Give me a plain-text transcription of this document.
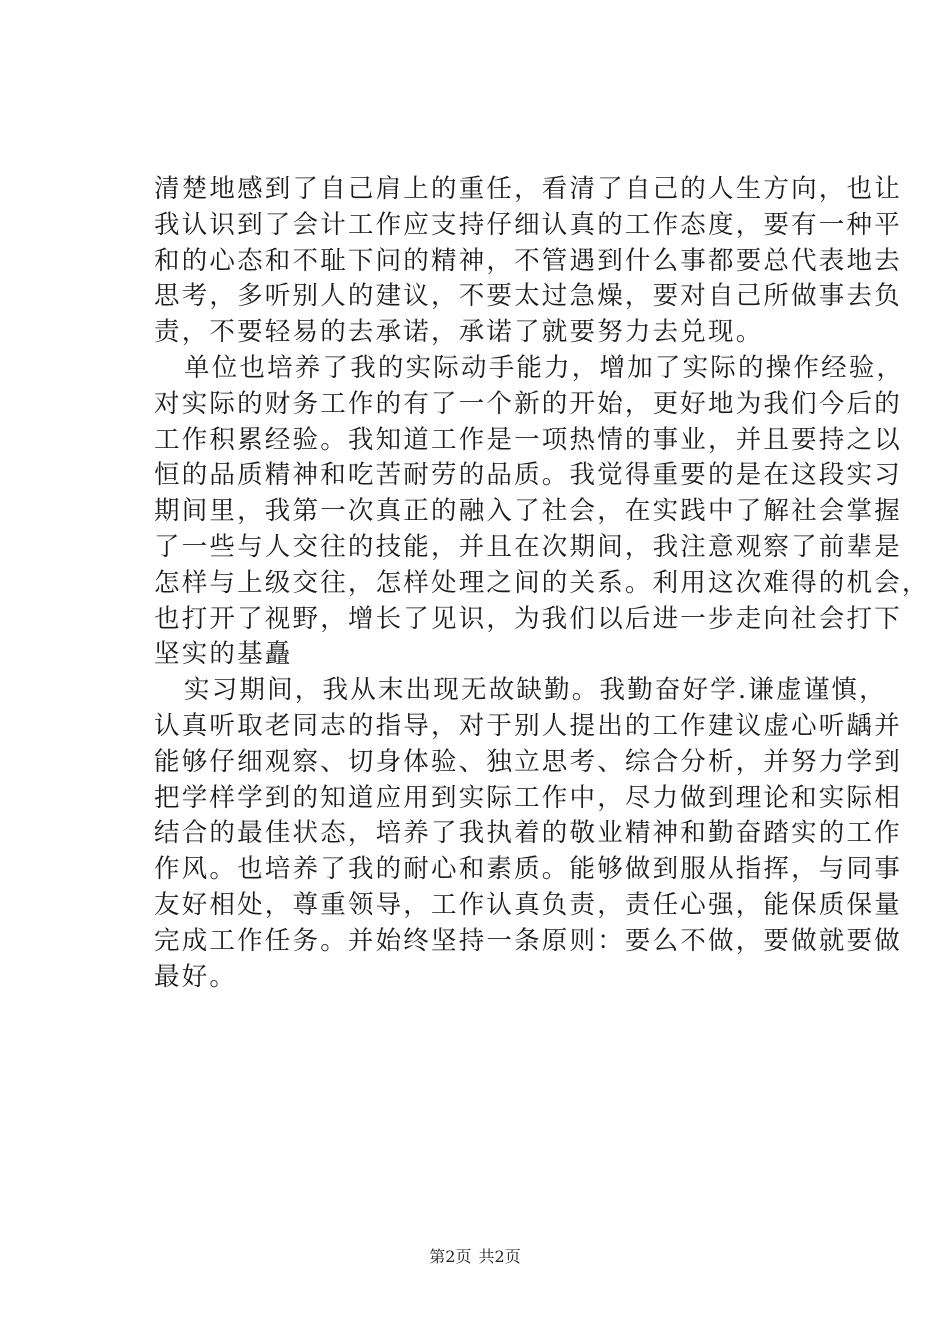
清楚地感到了自己肩上的重任，看清了自己的人生方向，也让
我认识到了会计工作应支持仔细认真的工作态度，要有一种平
和的心态和不耻下问的精神，不管遇到什么事都要总代表地去
思考，多听别人的建议，不要太过急燥，要对自己所做事去负
责，不要轻易的去承诺，承诺了就要努力去兑现。
单位也培养了我的实际动手能力，增加了实际的操作经验，
对实际的财务工作的有了一个新的开始，更好地为我们今后的
工作积累经验。我知道工作是一项热情的事业，并且要持之以
恒的品质精神和吃苦耐劳的品质。我觉得重要的是在这段实习
期间里，我第一次真正的融入了社会，在实践中了解社会掌握
了一些与人交往的技能，并且在次期间，我注意观察了前辈是
怎样与上级交往，怎样处理之间的关系。利用这次难得的机会，
也打开了视野，增长了见识，为我们以后进一步走向社会打下
坚实的基矗
实习期间，我从末出现无故缺勤。我勤奋好学.谦虚谨慎，
认真听取老同志的指导，对于别人提出的工作建议虚心听龋并
能够仔细观察、切身体验、独立思考、综合分析，并努力学到
把学样学到的知道应用到实际工作中，尽力做到理论和实际相
结合的最佳状态，培养了我执着的敬业精神和勤奋踏实的工作
作风。也培养了我的耐心和素质。能够做到服从指挥，与同事
友好相处，尊重领导，工作认真负责，责任心强，能保质保量
完成工作任务。并始终坚持一条原则：要么不做，要做就要做
最好。
第2页 共2页
